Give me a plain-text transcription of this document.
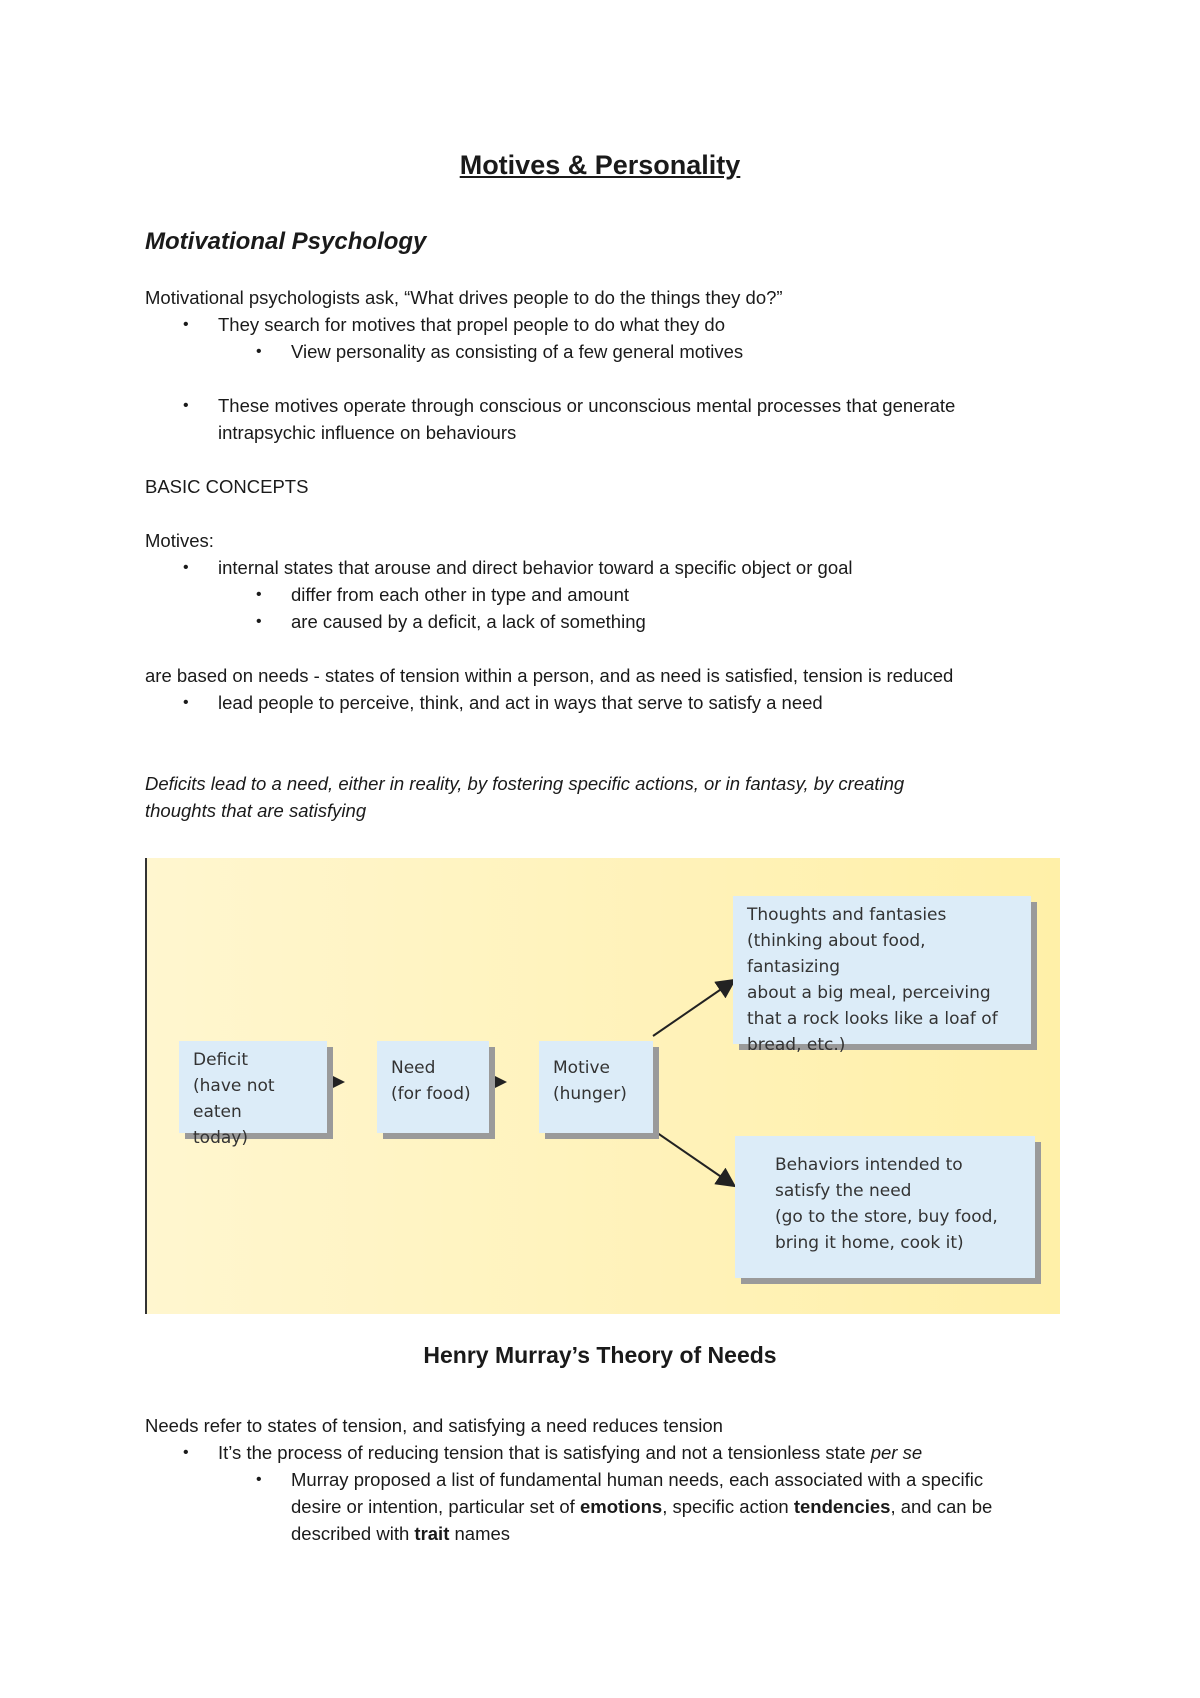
Motives & Personality
Motivational Psychology
Motivational psychologists ask, “What drives people to do the things they do?”
• They search for motives that propel people to do what they do
• View personality as consisting of a few general motives
• These motives operate through conscious or unconscious mental processes that generate
intrapsychic influence on behaviours
BASIC CONCEPTS
Motives:
• internal states that arouse and direct behavior toward a specific object or goal
• differ from each other in type and amount
• are caused by a deficit, a lack of something
are based on needs - states of tension within a person, and as need is satisfied, tension is reduced
• lead people to perceive, think, and act in ways that serve to satisfy a need
Deficits lead to a need, either in reality, by fostering specific actions, or in fantasy, by creating
thoughts that are satisfying
Deficit
(have not eaten
today)
Need
(for food)
Motive
(hunger)
Thoughts and fantasies
(thinking about food, fantasizing
about a big meal, perceiving
that a rock looks like a loaf of
bread, etc.)
Behaviors intended to
satisfy the need
(go to the store, buy food,
bring it home, cook it)
Henry Murray’s Theory of Needs
Needs refer to states of tension, and satisfying a need reduces tension
• It’s the process of reducing tension that is satisfying and not a tensionless state per se
• Murray proposed a list of fundamental human needs, each associated with a specific
desire or intention, particular set of emotions, specific action tendencies, and can be
described with trait names
